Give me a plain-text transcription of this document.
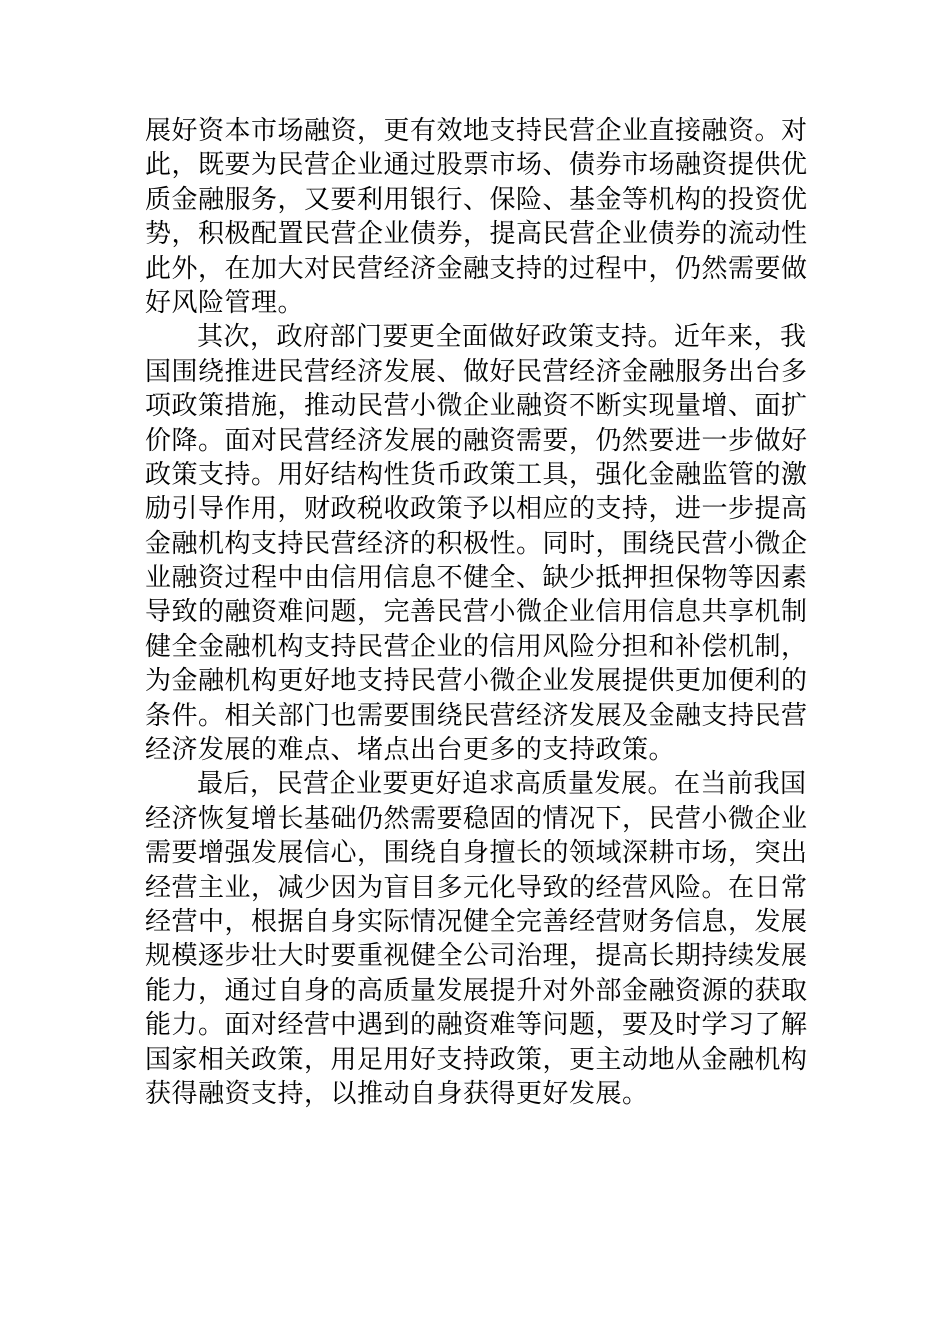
展好资本市场融资，更有效地支持民营企业直接融资。对
此，既要为民营企业通过股票市场、债券市场融资提供优
质金融服务，又要利用银行、保险、基金等机构的投资优
势，积极配置民营企业债券，提高民营企业债券的流动性
此外，在加大对民营经济金融支持的过程中，仍然需要做
好风险管理。
其次，政府部门要更全面做好政策支持。近年来，我
国围绕推进民营经济发展、做好民营经济金融服务出台多
项政策措施，推动民营小微企业融资不断实现量增、面扩
价降。面对民营经济发展的融资需要，仍然要进一步做好
政策支持。用好结构性货币政策工具，强化金融监管的激
励引导作用，财政税收政策予以相应的支持，进一步提高
金融机构支持民营经济的积极性。同时，围绕民营小微企
业融资过程中由信用信息不健全、缺少抵押担保物等因素
导致的融资难问题，完善民营小微企业信用信息共享机制
健全金融机构支持民营企业的信用风险分担和补偿机制，
为金融机构更好地支持民营小微企业发展提供更加便利的
条件。相关部门也需要围绕民营经济发展及金融支持民营
经济发展的难点、堵点出台更多的支持政策。
最后，民营企业要更好追求高质量发展。在当前我国
经济恢复增长基础仍然需要稳固的情况下，民营小微企业
需要增强发展信心，围绕自身擅长的领域深耕市场，突出
经营主业，减少因为盲目多元化导致的经营风险。在日常
经营中，根据自身实际情况健全完善经营财务信息，发展
规模逐步壮大时要重视健全公司治理，提高长期持续发展
能力，通过自身的高质量发展提升对外部金融资源的获取
能力。面对经营中遇到的融资难等问题，要及时学习了解
国家相关政策，用足用好支持政策，更主动地从金融机构
获得融资支持，以推动自身获得更好发展。
